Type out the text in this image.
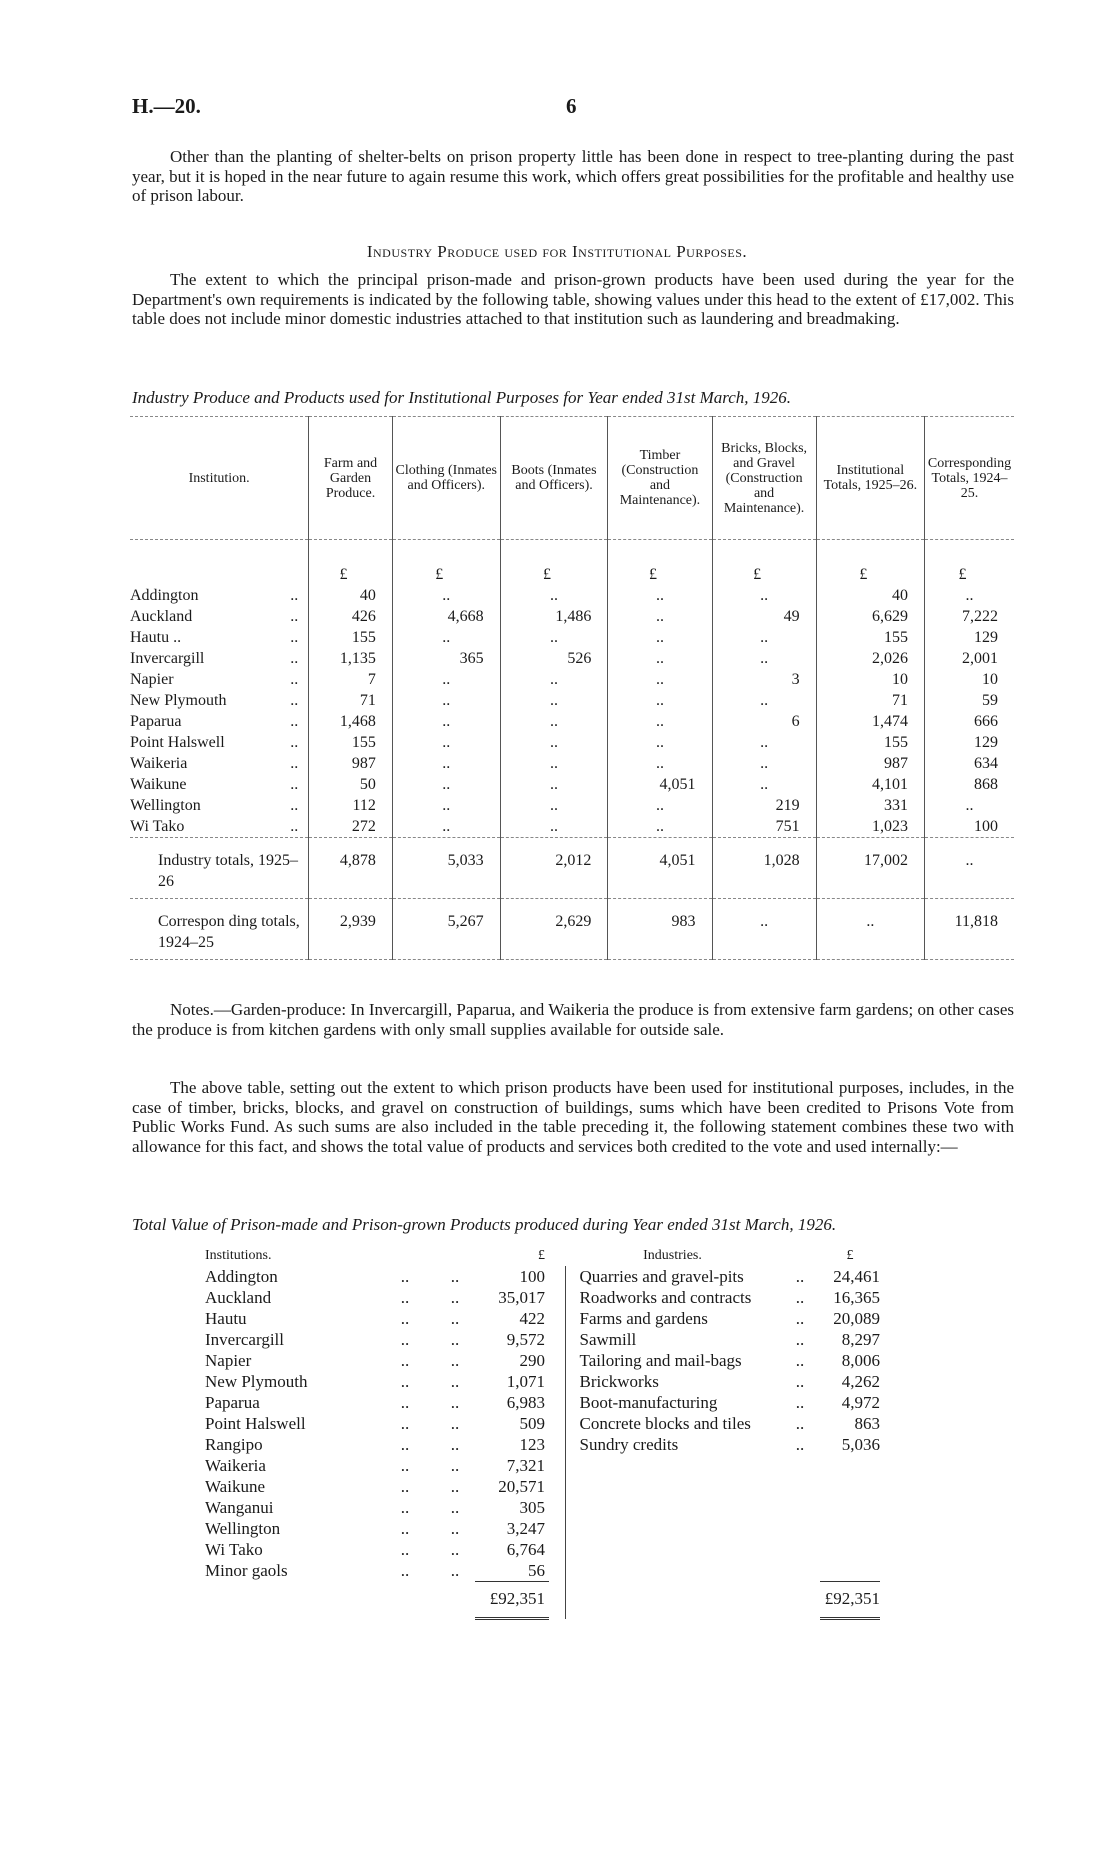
H.—20.	6

Other than the planting of shelter-belts on prison property little has been done in respect to tree-planting during the past year, but it is hoped in the near future to again resume this work, which offers great possibilities for the profitable and healthy use of prison labour.

Industry Produce used for Institutional Purposes.

The extent to which the principal prison-made and prison-grown products have been used during the year for the Department's own requirements is indicated by the following table, showing values under this head to the extent of £17,002. This table does not include minor domestic industries attached to that institution such as laundering and breadmaking.

Industry Produce and Products used for Institutional Purposes for Year ended 31st March, 1926.
Institution.	Farm and Garden Produce.	Clothing (Inmates and Officers).	Boots (Inmates and Officers).	Timber (Construction and Maintenance).	Bricks, Blocks, and Gravel (Construction and Maintenance).	Institutional Totals, 1925–26.	Corresponding Totals, 1924–25.
	£	£	£	£	£	£	£

Addington ..	40	..	..	..	..	40	..

Auckland ..	426	4,668	1,486	..	49	6,629	7,222

Hautu .. ..	155	..	..	..	..	155	129

Invercargill ..	1,135	365	526	..	..	2,026	2,001

Napier ..	7	..	..	..	3	10	10

New Plymouth ..	71	..	..	..	..	71	59

Paparua ..	1,468	..	..	..	6	1,474	666

Point Halswell ..	155	..	..	..	..	155	129

Waikeria ..	987	..	..	..	..	987	634

Waikune ..	50	..	..	4,051	..	4,101	868

Wellington ..	112	..	..	..	219	331	..

Wi Tako ..	272	..	..	..	751	1,023	100
Industry totals, 1925–26	4,878	5,033	2,012	4,051	1,028	17,002	..
Correspon ding totals, 1924–25	2,939	5,267	2,629	983	..	..	11,818

Notes.—Garden-produce: In Invercargill, Paparua, and Waikeria the produce is from extensive farm gardens; on other cases the produce is from kitchen gardens with only small supplies available for outside sale.

The above table, setting out the extent to which prison products have been used for institutional purposes, includes, in the case of timber, bricks, blocks, and gravel on construction of buildings, sums which have been credited to Prisons Vote from Public Works Fund. As such sums are also included in the table preceding it, the following statement combines these two with allowance for this fact, and shows the total value of products and services both credited to the vote and used internally:—

Total Value of Prison-made and Prison-grown Products produced during Year ended 31st March, 1926.
Institutions.			£		Industries.		£
Addington	..	..	100		Quarries and gravel-pits	..	24,461
Auckland	..	..	35,017		Roadworks and contracts	..	16,365
Hautu	..	..	422		Farms and gardens	..	20,089
Invercargill	..	..	9,572		Sawmill	..	8,297
Napier	..	..	290		Tailoring and mail-bags	..	8,006
New Plymouth	..	..	1,071		Brickworks	..	4,262
Paparua	..	..	6,983		Boot-manufacturing	..	4,972
Point Halswell	..	..	509		Concrete blocks and tiles	..	863
Rangipo	..	..	123		Sundry credits	..	5,036
Waikeria	..	..	7,321				
Waikune	..	..	20,571				
Wanganui	..	..	305				
Wellington	..	..	3,247				
Wi Tako	..	..	6,764				
Minor gaols	..	..	56				
			£92,351				£92,351
